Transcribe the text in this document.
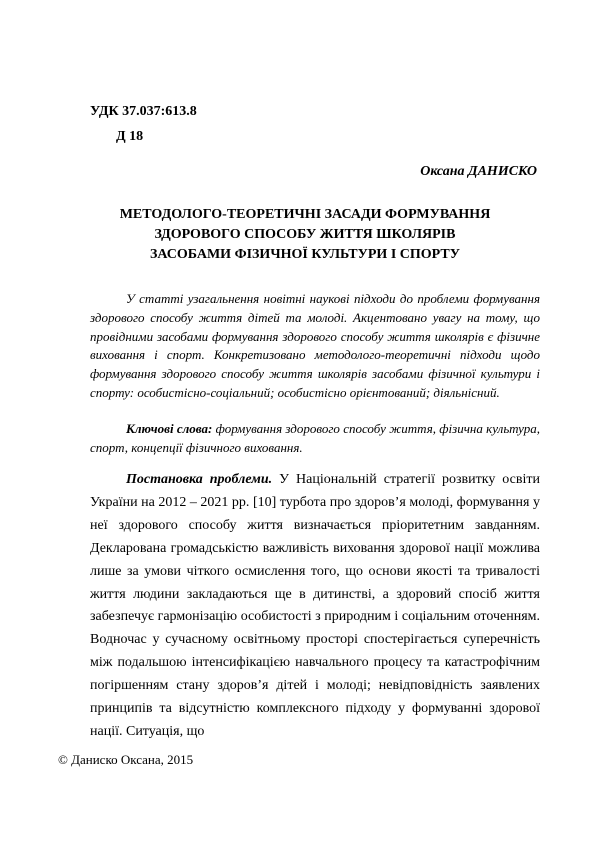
УДК 37.037:613.8
Д 18

Оксана ДАНИСКО

МЕТОДОЛОГО-ТЕОРЕТИЧНІ ЗАСАДИ ФОРМУВАННЯ
ЗДОРОВОГО СПОСОБУ ЖИТТЯ ШКОЛЯРІВ
ЗАСОБАМИ ФІЗИЧНОЇ КУЛЬТУРИ І СПОРТУ

У статті узагальнення новітні наукові підходи до проблеми формування здорового способу життя дітей та молоді. Акцентовано увагу на тому, що провідними засобами формування здорового способу життя школярів є фізичне виховання і спорт. Конкретизовано методолого-теоретичні підходи щодо формування здорового способу життя школярів засобами фізичної культури і спорту: особистісно-соціальний; особистісно орієнтований; діяльнісний.

Ключові слова: формування здорового способу життя, фізична культура, спорт, концепції фізичного виховання.

Постановка проблеми. У Національній стратегії розвитку освіти України на 2012 – 2021 рр. [10] турбота про здоров’я молоді, формування у неї здорового способу життя визначається пріоритетним завданням. Декларована громадськістю важливість виховання здорової нації можлива лише за умови чіткого осмислення того, що основи якості та тривалості життя людини закладаються ще в дитинстві, а здоровий спосіб життя забезпечує гармонізацію особистості з природним і соціальним оточенням. Водночас у сучасному освітньому просторі спостерігається суперечність між подальшою інтенсифікацією навчального процесу та катастрофічним погіршенням стану здоров’я дітей і молоді; невідповідність заявлених принципів та відсутністю комплексного підходу у формуванні здорової нації. Ситуація, що

© Даниско Оксана, 2015
